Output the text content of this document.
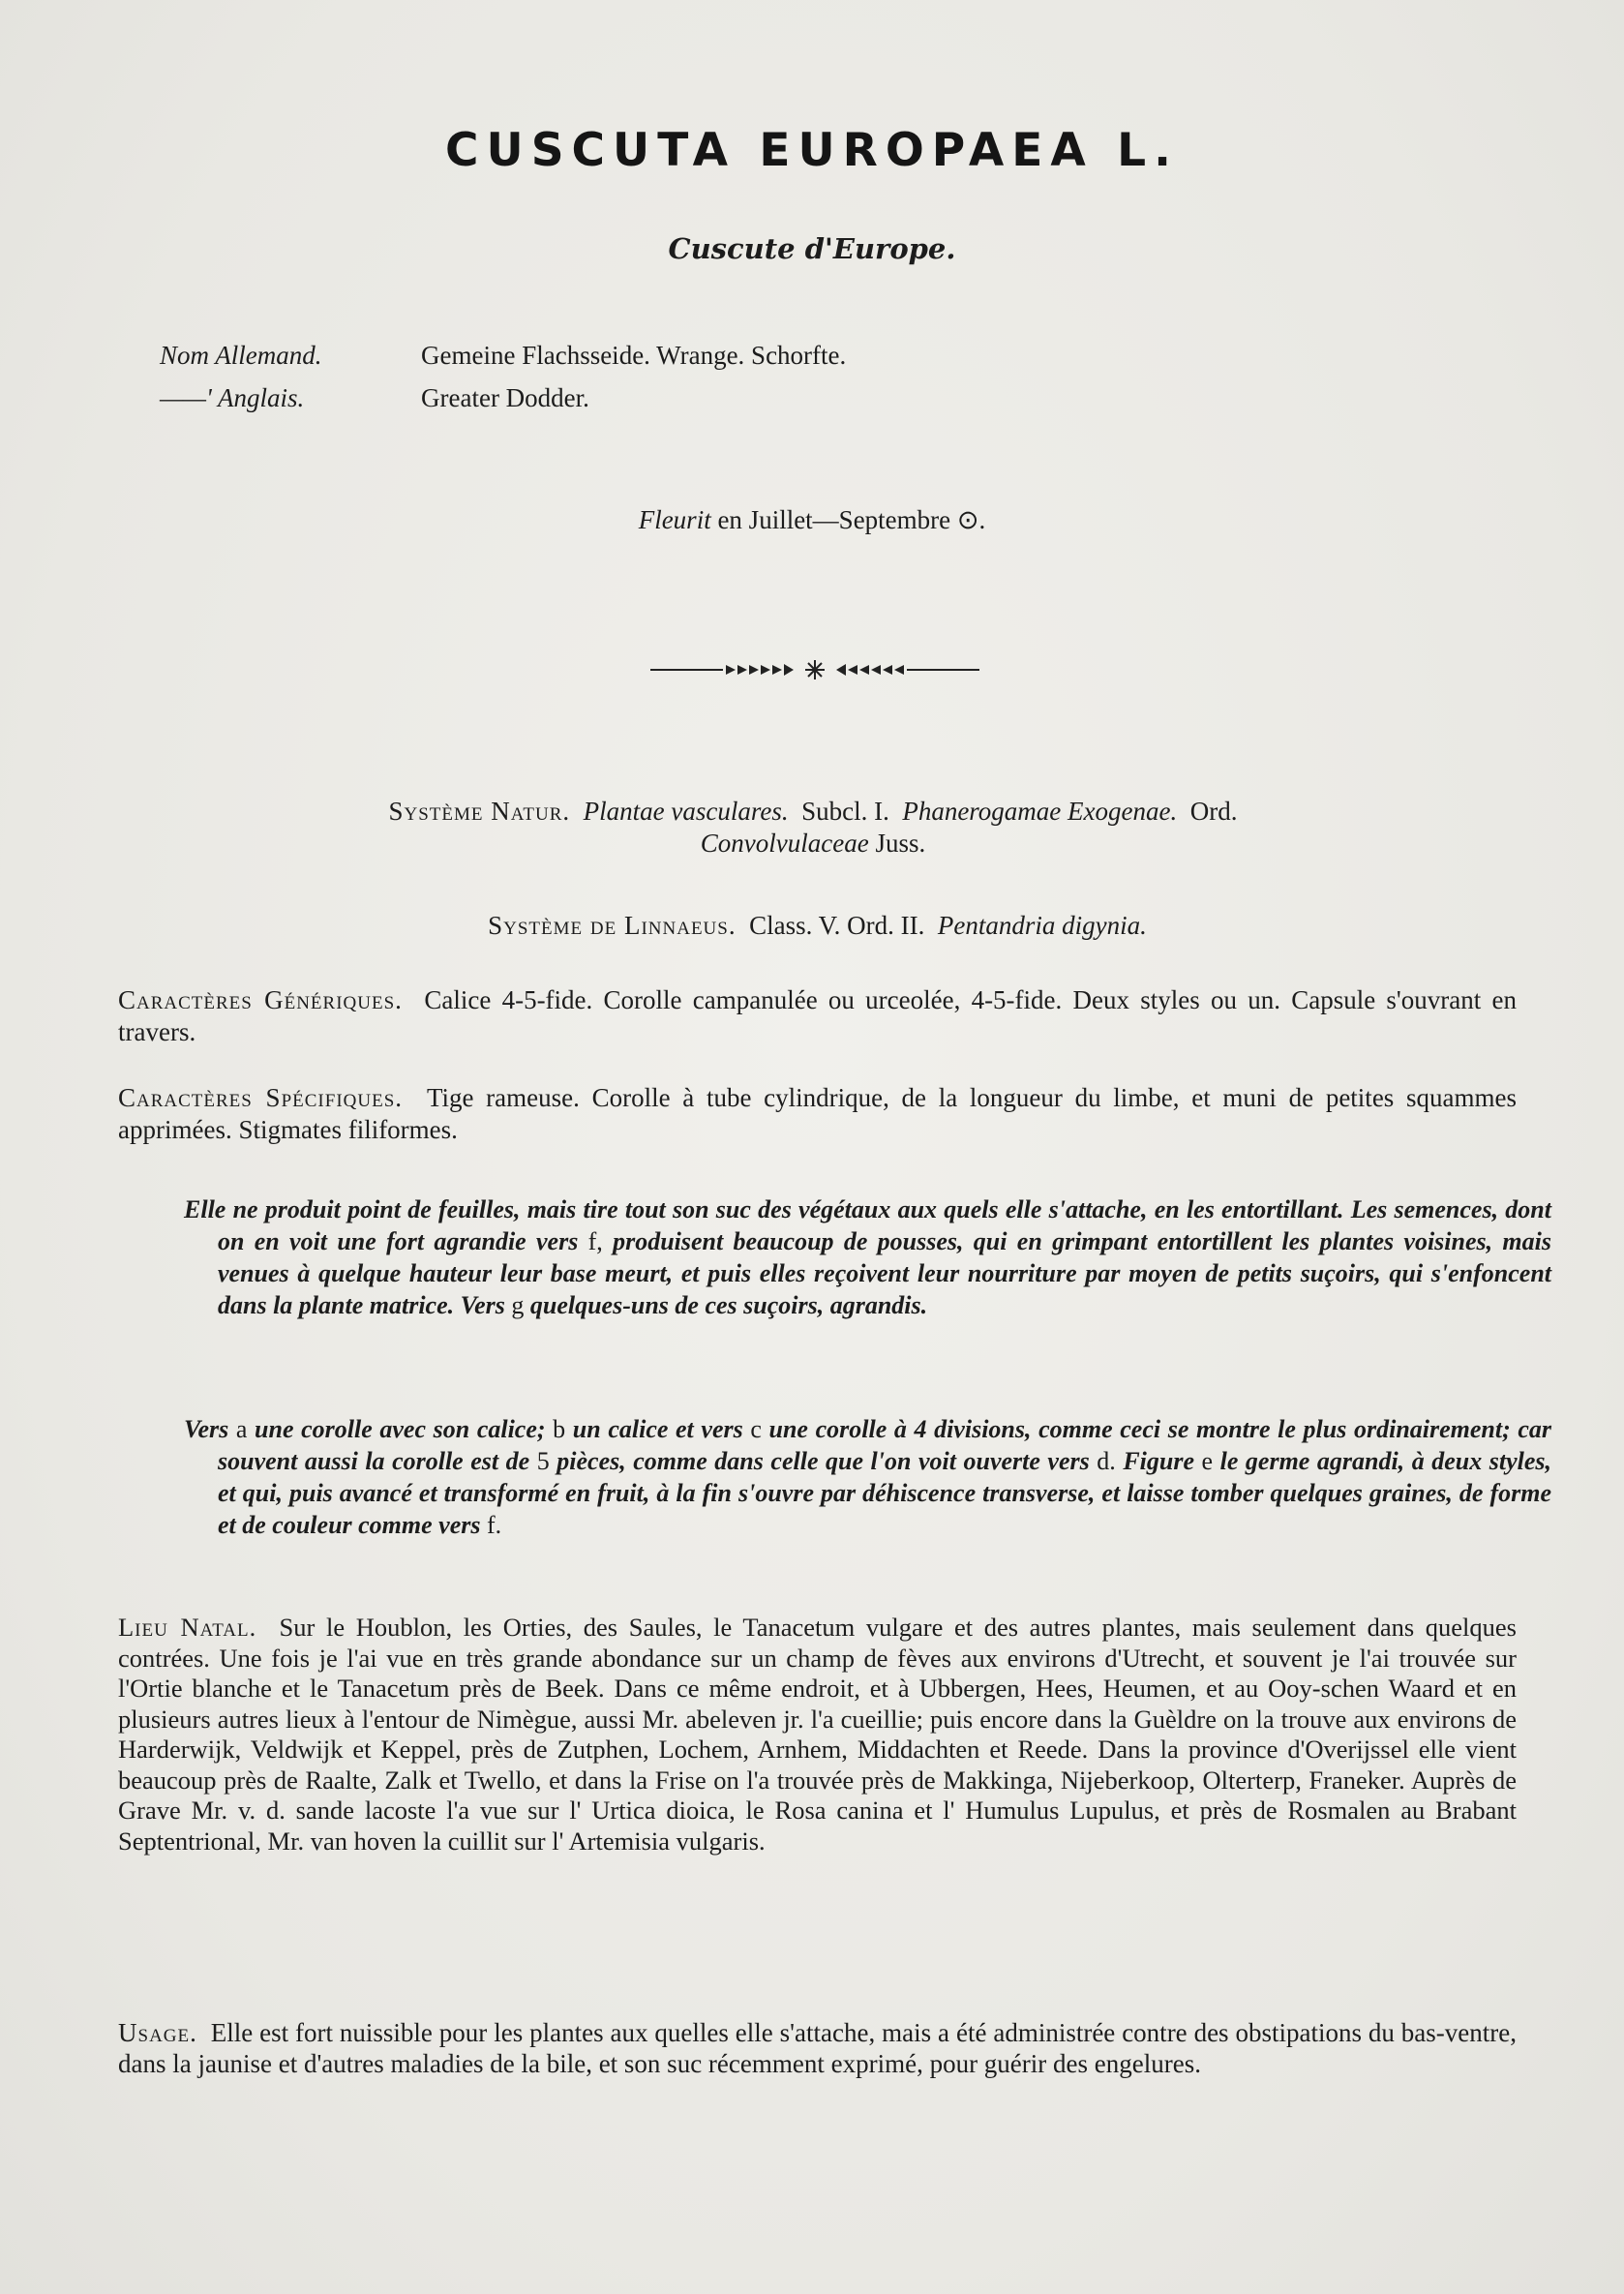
CUSCUTA EUROPAEA L.
Cuscute d'Europe.
Nom Allemand.	Gemeine Flachsseide. Wrange. Schorfte.
——' Anglais.	Greater Dodder.
Fleurit en Juillet—Septembre ⊙.
Système Natur. Plantae vasculares. Subcl. I. Phanerogamae Exogenae. Ord.
Convolvulaceae Juss.
Système de Linnaeus. Class. V. Ord. II. Pentandria digynia.
Caractères Génériques. Calice 4-5-fide. Corolle campanulée ou urceolée, 4-5-fide. Deux styles ou un. Capsule s'ouvrant en travers.
Caractères Spécifiques. Tige rameuse. Corolle à tube cylindrique, de la longueur du limbe, et muni de petites squammes apprimées. Stigmates filiformes.
Elle ne produit point de feuilles, mais tire tout son suc des végétaux aux quels elle s'attache, en les entortillant. Les semences, dont on en voit une fort agrandie vers f, produisent beaucoup de pousses, qui en grimpant entortillent les plantes voisines, mais venues à quelque hauteur leur base meurt, et puis elles reçoivent leur nourriture par moyen de petits suçoirs, qui s'enfoncent dans la plante matrice. Vers g quelques-uns de ces suçoirs, agrandis.
Vers a une corolle avec son calice; b un calice et vers c une corolle à 4 divisions, comme ceci se montre le plus ordinairement; car souvent aussi la corolle est de 5 pièces, comme dans celle que l'on voit ouverte vers d. Figure e le germe agrandi, à deux styles, et qui, puis avancé et transformé en fruit, à la fin s'ouvre par déhiscence transverse, et laisse tomber quelques graines, de forme et de couleur comme vers f.
Lieu Natal. Sur le Houblon, les Orties, des Saules, le Tanacetum vulgare et des autres plantes, mais seulement dans quelques contrées. Une fois je l'ai vue en très grande abondance sur un champ de fèves aux environs d'Utrecht, et souvent je l'ai trouvée sur l'Ortie blanche et le Tanacetum près de Beek. Dans ce même endroit, et à Ubbergen, Hees, Heumen, et au Ooy-schen Waard et en plusieurs autres lieux à l'entour de Nimègue, aussi Mr. abeleven jr. l'a cueillie; puis encore dans la Guèldre on la trouve aux environs de Harderwijk, Veldwijk et Keppel, près de Zutphen, Lochem, Arnhem, Middachten et Reede. Dans la province d'Overijssel elle vient beaucoup près de Raalte, Zalk et Twello, et dans la Frise on l'a trouvée près de Makkinga, Nijeberkoop, Olterterp, Franeker. Auprès de Grave Mr. v. d. sande lacoste l'a vue sur l' Urtica dioica, le Rosa canina et l' Humulus Lupulus, et près de Rosmalen au Brabant Septentrional, Mr. van hoven la cuillit sur l' Artemisia vulgaris.
Usage. Elle est fort nuissible pour les plantes aux quelles elle s'attache, mais a été administrée contre des obstipations du bas-ventre, dans la jaunise et d'autres maladies de la bile, et son suc récemment exprimé, pour guérir des engelures.
